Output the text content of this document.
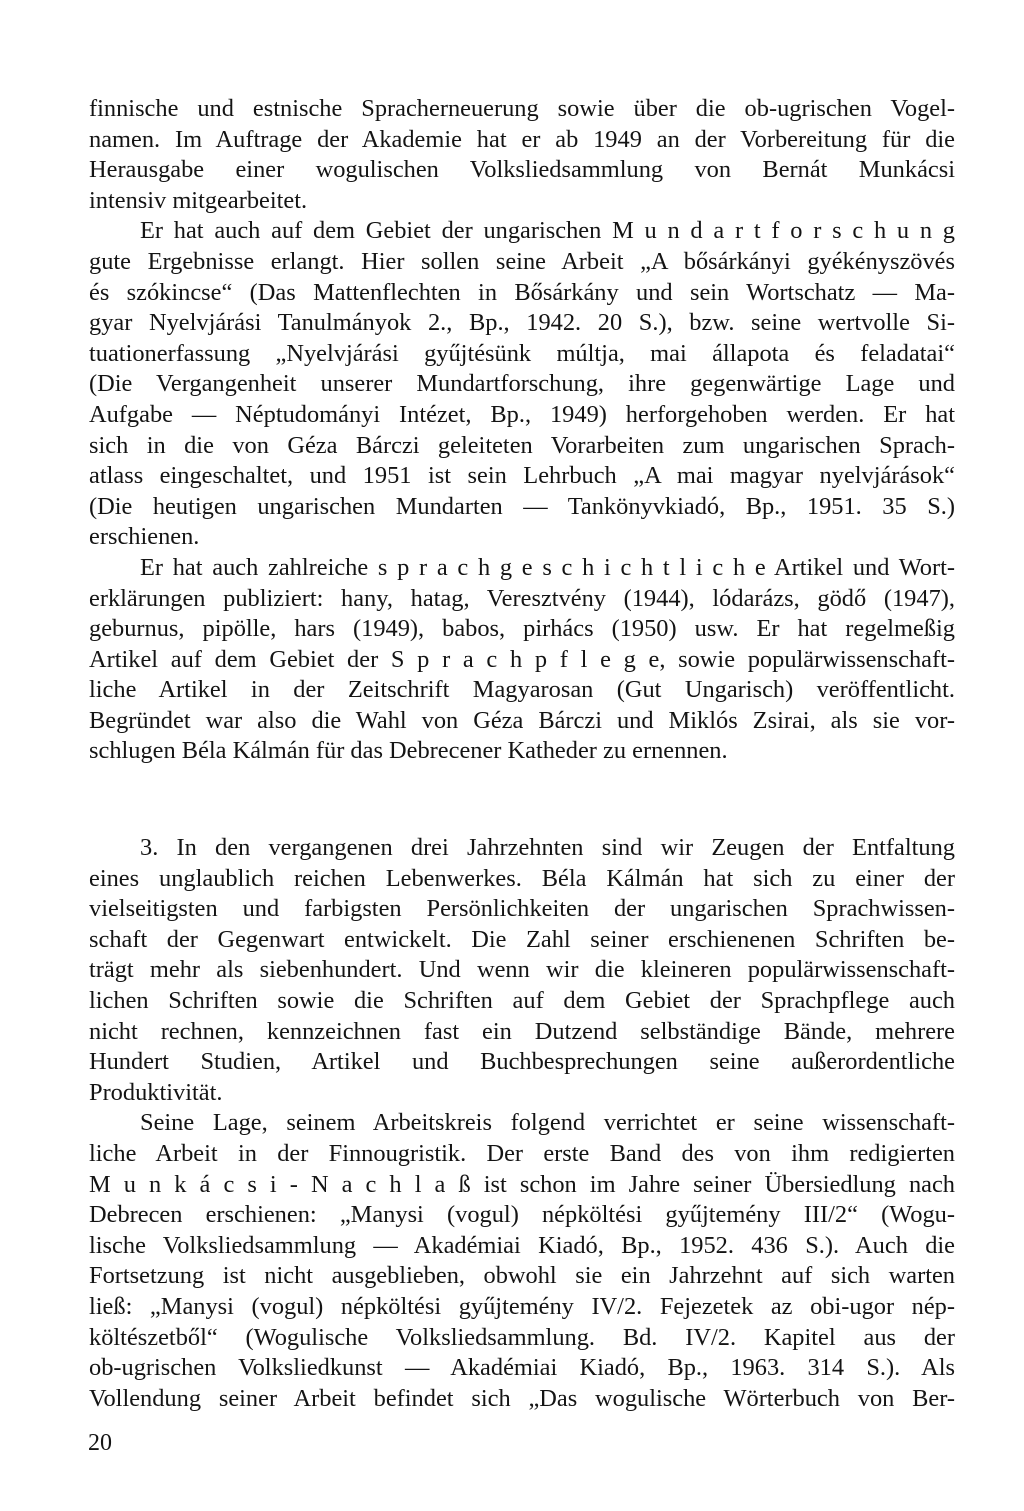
finnische und estnische Spracherneuerung sowie über die ob-ugrischen Vogel-
namen. Im Auftrage der Akademie hat er ab 1949 an der Vorbereitung für die
Herausgabe einer wogulischen Volksliedsammlung von Bernát Munkácsi
intensiv mitgearbeitet.
Er hat auch auf dem Gebiet der ungarischen M u n d a r t f o r s c h u n g
gute Ergebnisse erlangt. Hier sollen seine Arbeit „A bősárkányi gyékényszövés
és szókincse“ (Das Mattenflechten in Bősárkány und sein Wortschatz — Ma-
gyar Nyelvjárási Tanulmányok 2., Bp., 1942. 20 S.), bzw. seine wertvolle Si-
tuationerfassung „Nyelvjárási gyűjtésünk múltja, mai állapota és feladatai“
(Die Vergangenheit unserer Mundartforschung, ihre gegenwärtige Lage und
Aufgabe — Néptudományi Intézet, Bp., 1949) herforgehoben werden. Er hat
sich in die von Géza Bárczi geleiteten Vorarbeiten zum ungarischen Sprach-
atlass eingeschaltet, und 1951 ist sein Lehrbuch „A mai magyar nyelvjárások“
(Die heutigen ungarischen Mundarten — Tankönyvkiadó, Bp., 1951. 35 S.)
erschienen.
Er hat auch zahlreiche s p r a c h g e s c h i c h t l i c h e Artikel und Wort-
erklärungen publiziert: hany, hatag, Veresztvény (1944), lódarázs, gödő (1947),
geburnus, pipölle, hars (1949), babos, pirhács (1950) usw. Er hat regelmeßig
Artikel auf dem Gebiet der S p r a c h p f l e g e, sowie populärwissenschaft-
liche Artikel in der Zeitschrift Magyarosan (Gut Ungarisch) veröffentlicht.
Begründet war also die Wahl von Géza Bárczi und Miklós Zsirai, als sie vor-
schlugen Béla Kálmán für das Debrecener Katheder zu ernennen.
3. In den vergangenen drei Jahrzehnten sind wir Zeugen der Entfaltung
eines unglaublich reichen Lebenwerkes. Béla Kálmán hat sich zu einer der
vielseitigsten und farbigsten Persönlichkeiten der ungarischen Sprachwissen-
schaft der Gegenwart entwickelt. Die Zahl seiner erschienenen Schriften be-
trägt mehr als siebenhundert. Und wenn wir die kleineren populärwissenschaft-
lichen Schriften sowie die Schriften auf dem Gebiet der Sprachpflege auch
nicht rechnen, kennzeichnen fast ein Dutzend selbständige Bände, mehrere
Hundert Studien, Artikel und Buchbesprechungen seine außerordentliche
Produktivität.
Seine Lage, seinem Arbeitskreis folgend verrichtet er seine wissenschaft-
liche Arbeit in der Finnougristik. Der erste Band des von ihm redigierten
M u n k á c s i - N a c h l a ß ist schon im Jahre seiner Übersiedlung nach
Debrecen erschienen: „Manysi (vogul) népköltési gyűjtemény III/2“ (Wogu-
lische Volksliedsammlung — Akadémiai Kiadó, Bp., 1952. 436 S.). Auch die
Fortsetzung ist nicht ausgeblieben, obwohl sie ein Jahrzehnt auf sich warten
ließ: „Manysi (vogul) népköltési gyűjtemény IV/2. Fejezetek az obi-ugor nép-
költészetből“ (Wogulische Volksliedsammlung. Bd. IV/2. Kapitel aus der
ob-ugrischen Volksliedkunst — Akadémiai Kiadó, Bp., 1963. 314 S.). Als
Vollendung seiner Arbeit befindet sich „Das wogulische Wörterbuch von Ber-
20
